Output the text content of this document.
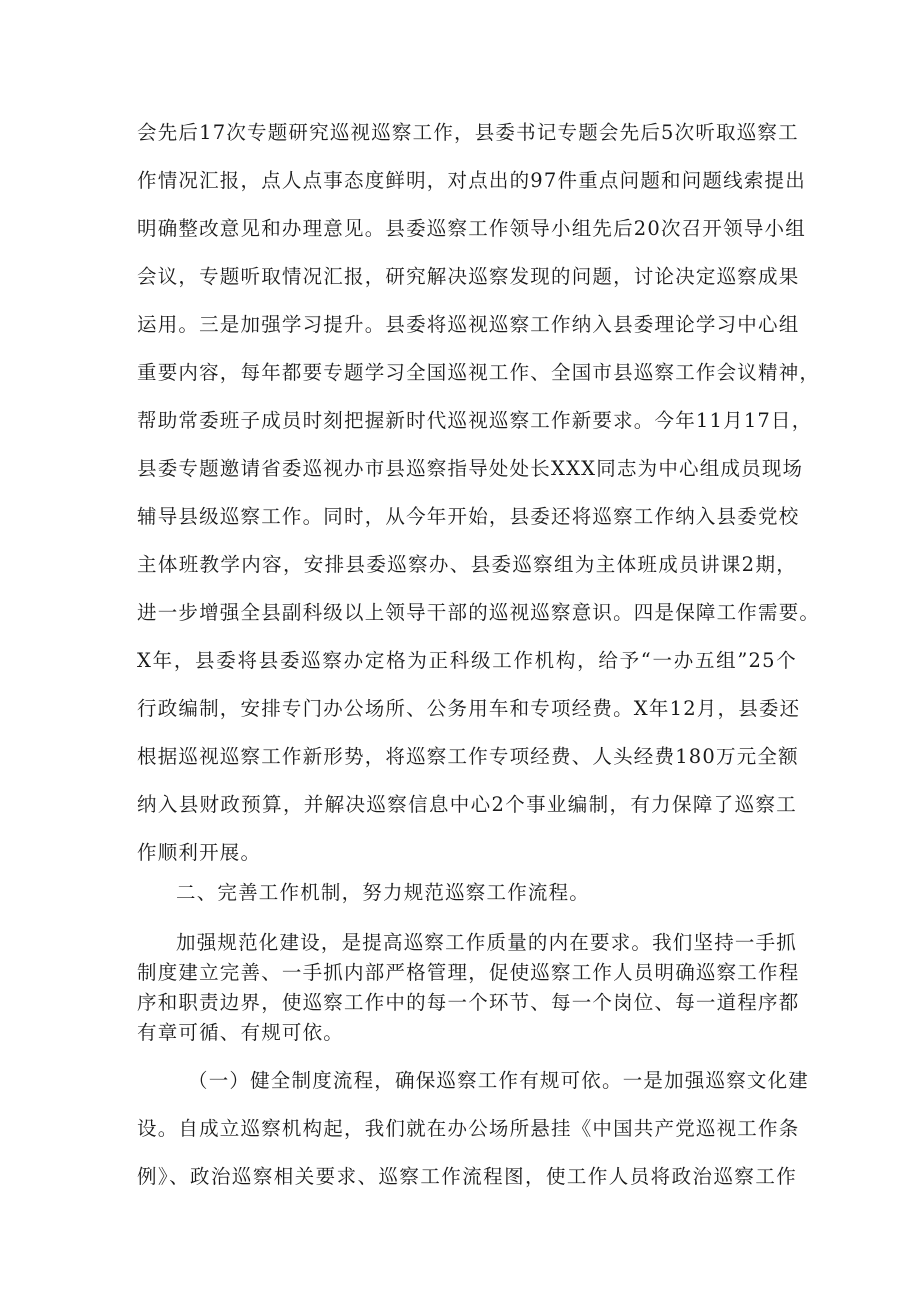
会先后17次专题研究巡视巡察工作，县委书记专题会先后5次听取巡察工
作情况汇报，点人点事态度鲜明，对点出的97件重点问题和问题线索提出
明确整改意见和办理意见。县委巡察工作领导小组先后20次召开领导小组
会议，专题听取情况汇报，研究解决巡察发现的问题，讨论决定巡察成果
运用。三是加强学习提升。县委将巡视巡察工作纳入县委理论学习中心组
重要内容，每年都要专题学习全国巡视工作、全国市县巡察工作会议精神，
帮助常委班子成员时刻把握新时代巡视巡察工作新要求。今年11月17日，
县委专题邀请省委巡视办市县巡察指导处处长XXX同志为中心组成员现场
辅导县级巡察工作。同时，从今年开始，县委还将巡察工作纳入县委党校
主体班教学内容，安排县委巡察办、县委巡察组为主体班成员讲课2期，
进一步增强全县副科级以上领导干部的巡视巡察意识。四是保障工作需要。
X年，县委将县委巡察办定格为正科级工作机构，给予“一办五组”25个
行政编制，安排专门办公场所、公务用车和专项经费。X年12月，县委还
根据巡视巡察工作新形势，将巡察工作专项经费、人头经费180万元全额
纳入县财政预算，并解决巡察信息中心2个事业编制，有力保障了巡察工
作顺利开展。
二、完善工作机制，努力规范巡察工作流程。
加强规范化建设，是提高巡察工作质量的内在要求。我们坚持一手抓
制度建立完善、一手抓内部严格管理，促使巡察工作人员明确巡察工作程
序和职责边界，使巡察工作中的每一个环节、每一个岗位、每一道程序都
有章可循、有规可依。
（一）健全制度流程，确保巡察工作有规可依。一是加强巡察文化建
设。自成立巡察机构起，我们就在办公场所悬挂《中国共产党巡视工作条
例》、政治巡察相关要求、巡察工作流程图，使工作人员将政治巡察工作
